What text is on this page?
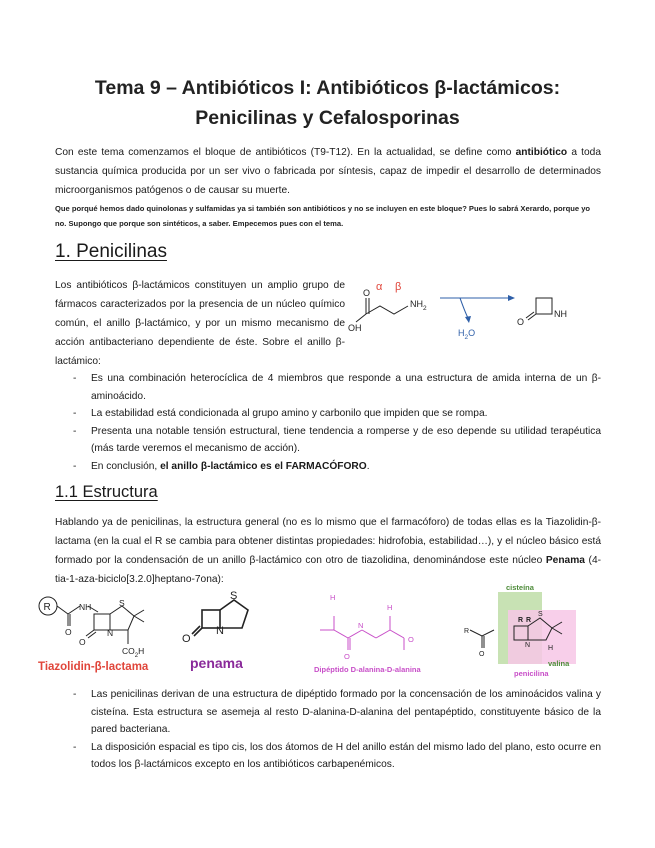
Tema 9 – Antibióticos I: Antibióticos β-lactámicos:
Penicilinas y Cefalosporinas

Con este tema comenzamos el bloque de antibióticos (T9-T12). En la actualidad, se define como antibiótico a toda sustancia química producida por un ser vivo o fabricada por síntesis, capaz de impedir el desarrollo de determinados microorganismos patógenos o de causar su muerte.

Que porqué hemos dado quinolonas y sulfamidas ya si también son antibióticos y no se incluyen en este bloque? Pues lo sabrá Xerardo, porque yo no. Supongo que porque son sintéticos, a saber. Empecemos pues con el tema.

1. Penicilinas

Los antibióticos β-lactámicos constituyen un amplio grupo de fármacos caracterizados por la presencia de un núcleo químico común, el anillo β-lactámico, y por un mismo mecanismo de acción antibacteriano dependiente de éste. Sobre el anillo β-lactámico:

α β
O
OH
$NH_2$
$H_2O$
NH
O
- Es una combinación heterocíclica de 4 miembros que responde a una estructura de amida interna de un β-aminoácido.
- La estabilidad está condicionada al grupo amino y carbonilo que impiden que se rompa.
- Presenta una notable tensión estructural, tiene tendencia a romperse y de eso depende su utilidad terapéutica (más tarde veremos el mecanismo de acción).
- En conclusión, el anillo β-lactámico es el FARMACÓFORO.
1.1 Estructura

Hablando ya de penicilinas, la estructura general (no es lo mismo que el farmacóforo) de todas ellas es la Tiazolidin-β-lactama (en la cual el R se cambia para obtener distintas propiedades: hidrofobia, estabilidad…), y el núcleo básico está formado por la condensación de un anillo β-lactámico con otro de tiazolidina, denominándose este núcleo Penama (4-tia-1-aza-biciclo[3.2.0]heptano-7ona):

R	NH
O
S
N
O
$CO_2H$
Tiazolidin-β-lactama
S
N
O
penama
H
N
O
H
O
Dipéptido D-alanina-D-alanina
cisteína
R
S
R R
N
O
H
valina
penicilina
- Las penicilinas derivan de una estructura de dipéptido formado por la concensación de los aminoácidos valina y cisteína. Esta estructura se asemeja al resto D-alanina-D-alanina del pentapéptido, constituyente básico de la pared bacteriana.
- La disposición espacial es tipo cis, los dos átomos de H del anillo están del mismo lado del plano, esto ocurre en todos los β-lactámicos excepto en los antibióticos carbapenémicos.
